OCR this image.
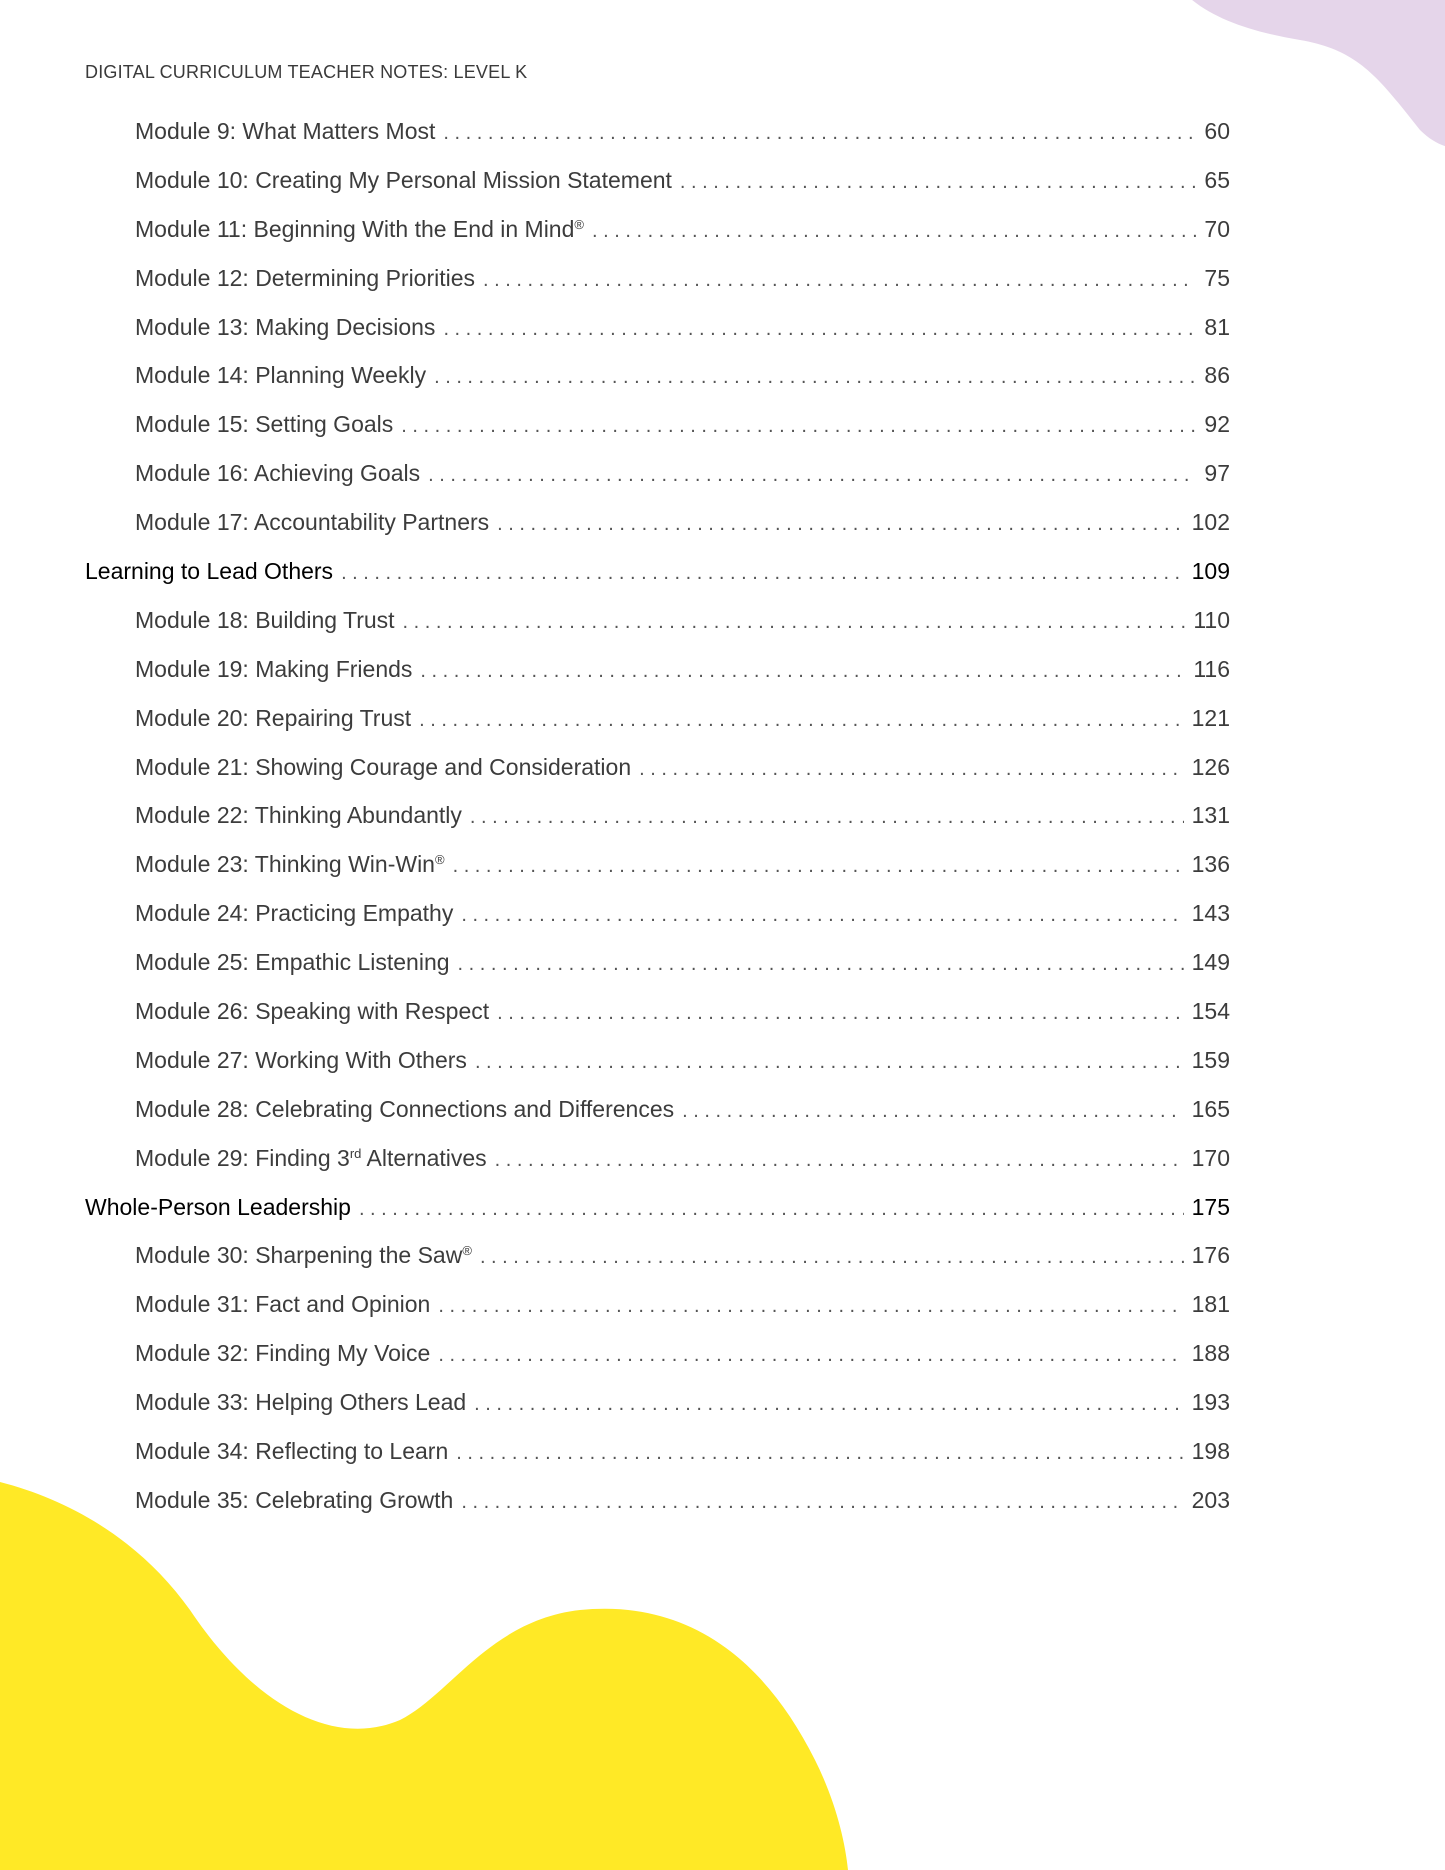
DIGITAL CURRICULUM TEACHER NOTES: LEVEL K
Module 9: What Matters Most . . .	60
Module 10: Creating My Personal Mission Statement . . .	65
Module 11: Beginning With the End in Mind® . . .	70
Module 12: Determining Priorities . . .	75
Module 13: Making Decisions . . .	81
Module 14: Planning Weekly . . .	86
Module 15: Setting Goals . . .	92
Module 16: Achieving Goals . . .	97
Module 17: Accountability Partners . . .	102
Learning to Lead Others . . .	109
Module 18: Building Trust . . .	110
Module 19: Making Friends . . .	116
Module 20: Repairing Trust . . .	121
Module 21: Showing Courage and Consideration . . .	126
Module 22: Thinking Abundantly . . .	131
Module 23: Thinking Win-Win® . . .	136
Module 24: Practicing Empathy . . .	143
Module 25: Empathic Listening . . .	149
Module 26: Speaking with Respect . . .	154
Module 27: Working With Others . . .	159
Module 28: Celebrating Connections and Differences . . .	165
Module 29: Finding 3rd Alternatives . . .	170
Whole-Person Leadership . . .	175
Module 30: Sharpening the Saw® . . .	176
Module 31: Fact and Opinion . . .	181
Module 32: Finding My Voice . . .	188
Module 33: Helping Others Lead . . .	193
Module 34: Reflecting to Learn . . .	198
Module 35: Celebrating Growth . . .	203
